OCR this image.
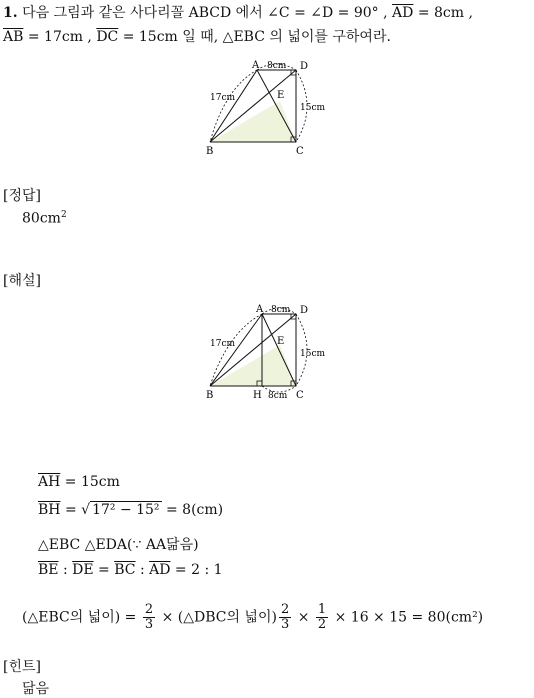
1. 다음 그림과 같은 사다리꼴 ABCD 에서 ∠C = ∠D = 90° , $\overline{AD} = 8cm$ ,
$\overline{AB} = 17cm$ , $\overline{DC} = 15cm$ 일 때, △EBC 의 넓이를 구하여라.
A	D
B	C
E
8cm
17cm
15cm
[정답]
$80cm^2$
[해설]
A	D
B	C
H
E
8cm
17cm
15cm
8cm
$\overline{AH} = 15cm$
$\overline{BH}$ = √ 17² − 15² = 8(cm)
△EBC △EDA(∵ AA닮음)
$\overline{BE}$ : $\overline{DE} = \overline{BC}$ : $\overline{AD} = 2$ : 1
(△EBC의 넓이) = $\frac{2}{3}$ × (△DBC의 넓이) $\frac{2}{3} \times \frac{1}{2} \times 16 \times 15 = 80(cm^2)$
[힌트]
닮음
